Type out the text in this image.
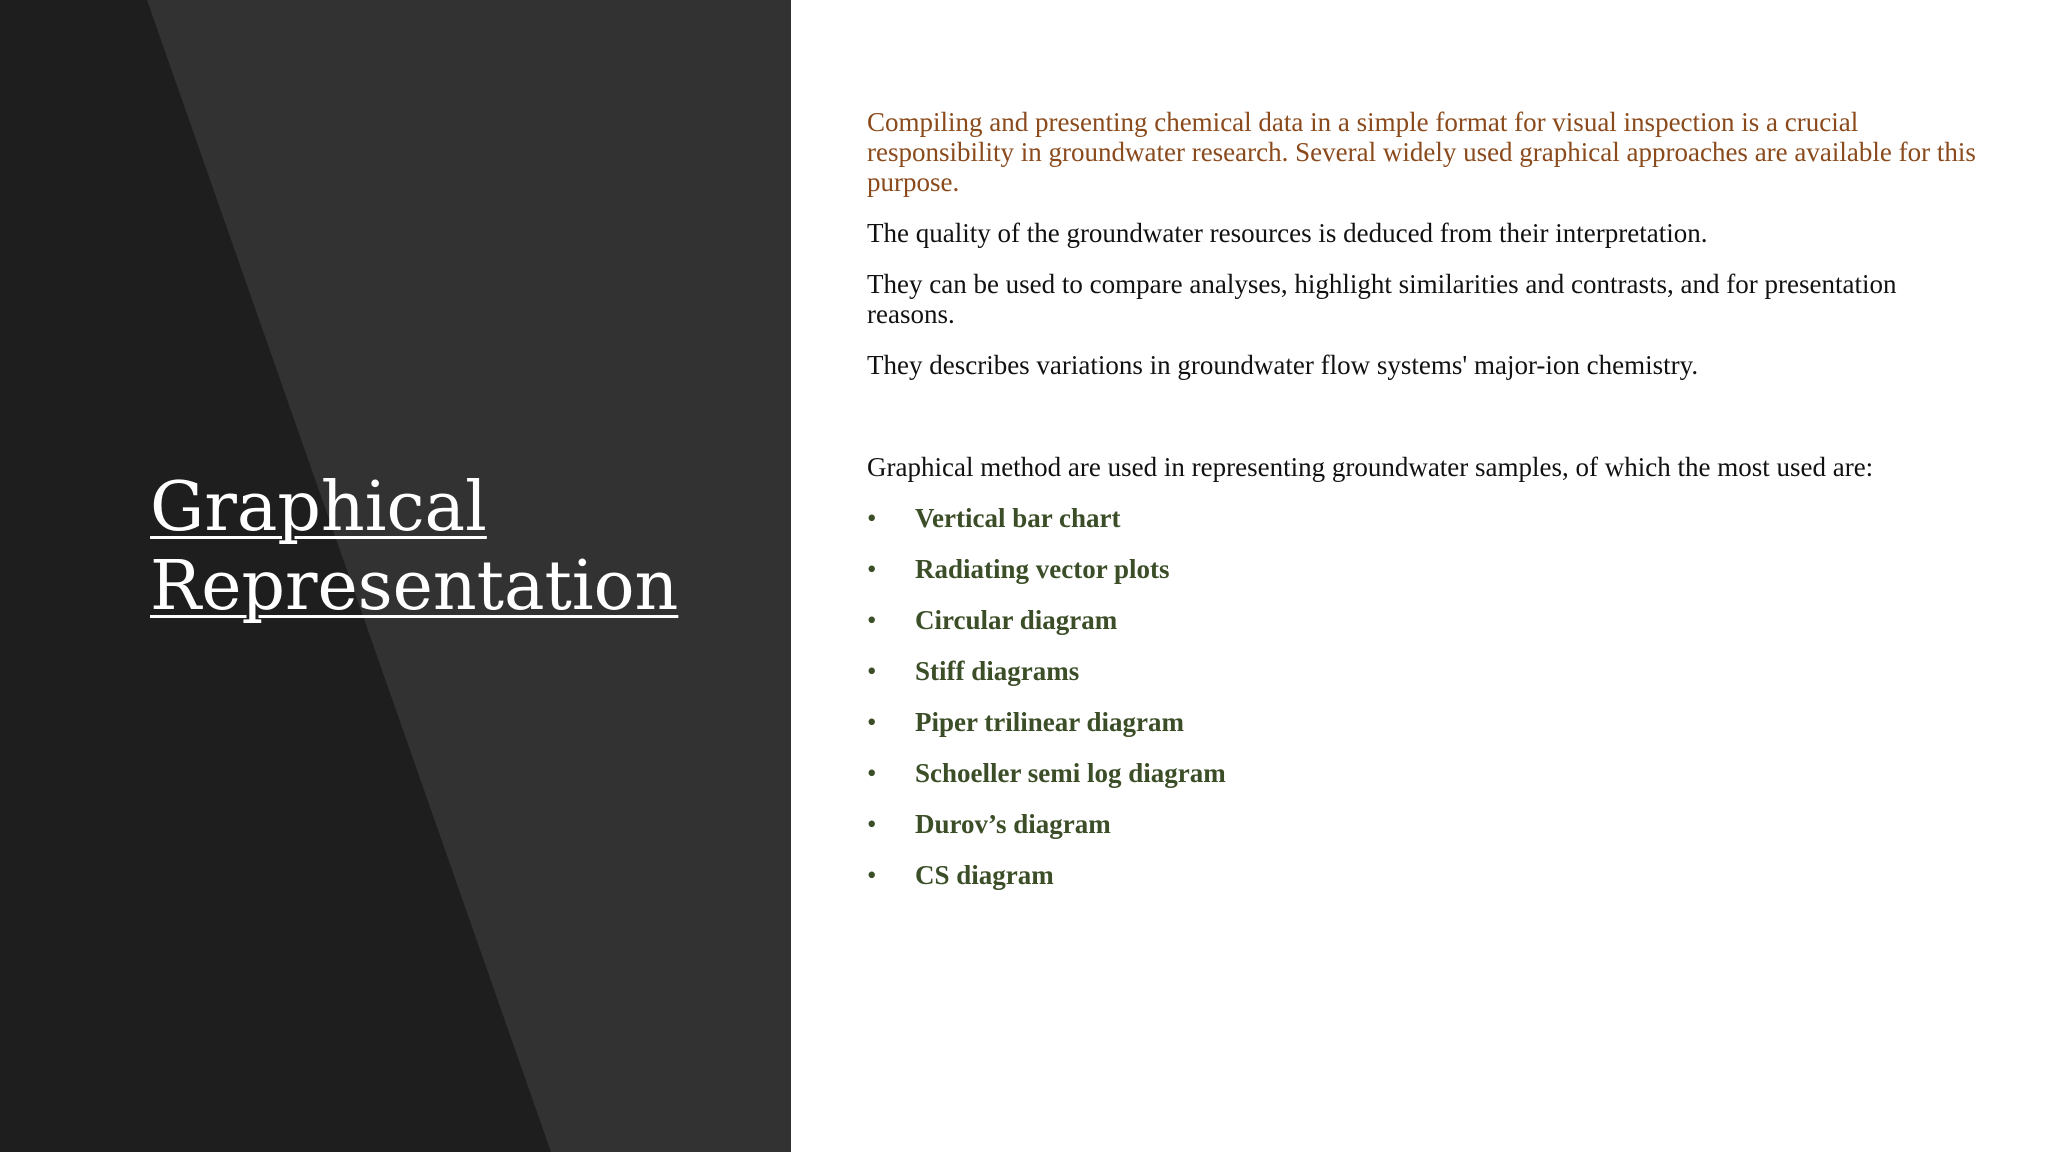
Graphical
Representation

Compiling and presenting chemical data in a simple format for visual inspection is a crucial responsibility in groundwater research. Several widely used graphical approaches are available for this purpose.

The quality of the groundwater resources is deduced from their interpretation.

They can be used to compare analyses, highlight similarities and contrasts, and for presentation reasons.

They describes variations in groundwater flow systems' major-ion chemistry.

Graphical method are used in representing groundwater samples, of which the most used are:

• Vertical bar chart
• Radiating vector plots
• Circular diagram
• Stiff diagrams
• Piper trilinear diagram
• Schoeller semi log diagram
• Durov’s diagram
• CS diagram
